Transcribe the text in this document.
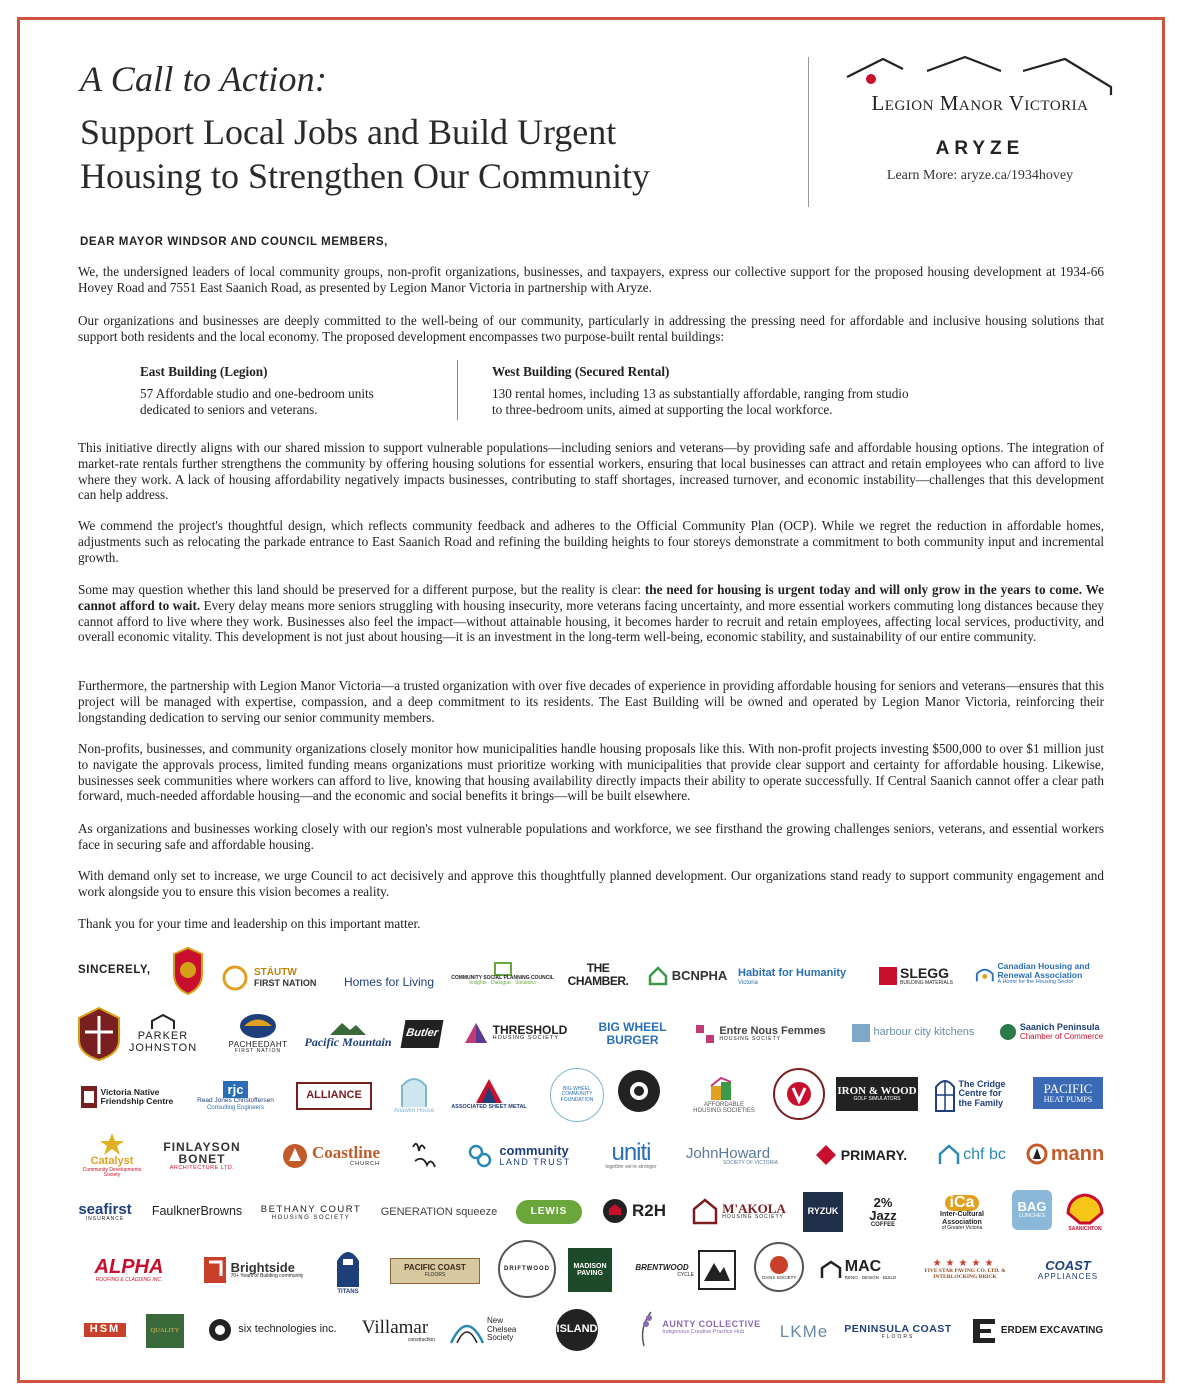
A Call to Action:
Support Local Jobs and Build Urgent
Housing to Strengthen Our Community
Legion Manor Victoria
ARYZE
Learn More: aryze.ca/1934hovey
DEAR MAYOR WINDSOR AND COUNCIL MEMBERS,
We, the undersigned leaders of local community groups, non-profit organizations, businesses, and taxpayers, express our collective support for the proposed housing development at 1934-66 Hovey Road and 7551 East Saanich Road, as presented by Legion Manor Victoria in partnership with Aryze.
Our organizations and businesses are deeply committed to the well-being of our community, particularly in addressing the pressing need for affordable and inclusive housing solutions that support both residents and the local economy. The proposed development encompasses two purpose-built rental buildings:
East Building (Legion)
57 Affordable studio and one-bedroom units
dedicated to seniors and veterans.
West Building (Secured Rental)
130 rental homes, including 13 as substantially affordable, ranging from studio
to three-bedroom units, aimed at supporting the local workforce.
This initiative directly aligns with our shared mission to support vulnerable populations—including seniors and veterans—by providing safe and affordable housing options. The integration of market-rate rentals further strengthens the community by offering housing solutions for essential workers, ensuring that local businesses can attract and retain employees who can afford to live where they work. A lack of housing affordability negatively impacts businesses, contributing to staff shortages, increased turnover, and economic instability—challenges that this development can help address.
We commend the project's thoughtful design, which reflects community feedback and adheres to the Official Community Plan (OCP). While we regret the reduction in affordable homes, adjustments such as relocating the parkade entrance to East Saanich Road and refining the building heights to four storeys demonstrate a commitment to both community input and incremental growth.
Some may question whether this land should be preserved for a different purpose, but the reality is clear: the need for housing is urgent today and will only grow in the years to come. We cannot afford to wait. Every delay means more seniors struggling with housing insecurity, more veterans facing uncertainty, and more essential workers commuting long distances because they cannot afford to live where they work. Businesses also feel the impact—without attainable housing, it becomes harder to recruit and retain employees, affecting local services, productivity, and overall economic vitality. This development is not just about housing—it is an investment in the long-term well-being, economic stability, and sustainability of our entire community.
Furthermore, the partnership with Legion Manor Victoria—a trusted organization with over five decades of experience in providing affordable housing for seniors and veterans—ensures that this project will be managed with expertise, compassion, and a deep commitment to its residents. The East Building will be owned and operated by Legion Manor Victoria, reinforcing their longstanding dedication to serving our senior community members.
Non-profits, businesses, and community organizations closely monitor how municipalities handle housing proposals like this. With non-profit projects investing $500,000 to over $1 million just to navigate the approvals process, limited funding means organizations must prioritize working with municipalities that provide clear support and certainty for affordable housing. Likewise, businesses seek communities where workers can afford to live, knowing that housing availability directly impacts their ability to operate successfully. If Central Saanich cannot offer a clear path forward, much-needed affordable housing—and the economic and social benefits it brings—will be built elsewhere.
As organizations and businesses working closely with our region's most vulnerable populations and workforce, we see firsthand the growing challenges seniors, veterans, and essential workers face in securing safe and affordable housing.
With demand only set to increase, we urge Council to act decisively and approve this thoughtfully planned development. Our organizations stand ready to support community engagement and work alongside you to ensure this vision becomes a reality.
Thank you for your time and leadership on this important matter.
SINCERELY,	STÁUTW
FIRST NATION Homes for Living	COMMUNITY SOCIAL PLANNING COUNCIL
Insights · Dialogue · Solutions
THE CHAMBER.	BCNPHA Habitat for Humanity
Victoria
SLEGG
BUILDING MATERIALS
Canadian Housing and Renewal Association
A Home for the Housing Sector
PARKER JOHNSTON	PACHEEDAHT
FIRST NATION
Pacific Mountain
Butler	THRESHOLD
HOUSING SOCIETY
BIG WHEEL BURGER
Entre Nous Femmes
HOUSING SOCIETY
harbour city kitchens	Saanich Peninsula
Chamber of Commerce
Victoria Native Friendship Centre
rjc
Read Jones Christoffersen
Consulting Engineers
ALLIANCE
Anawim House
ASSOCIATED SHEET METAL
BIG WHEEL COMMUNITY FOUNDATION
AFFORDABLE HOUSING SOCIETIES
IRON & WOOD
GOLF SIMULATORS
The Cridge Centre for the Family
PACIFIC
HEAT PUMPS
Catalyst
Community Developments Society
FINLAYSON BONET
ARCHITECTURE LTD.
Coastline
CHURCH
community
LAND TRUST uniti
together we're stronger
JohnHoward
SOCIETY OF VICTORIA
PRIMARY.	chf bc mann
seafirst
INSURANCE
FaulknerBrowns BETHANY COURT
HOUSING SOCIETY	GENERATION squeeze	LEWIS	R2H	M'AKOLA
HOUSING SOCIETY
RYZUK
2% Jazz
COFFEE
iCa
Inter-Cultural Association
of Greater Victoria
BAG
LUNCHES
SAANICHTON
ALPHA
ROOFING & CLADDING INC.
Brightside
70+ Years of Building community
TITANS
PACIFIC COAST
FLOORS
DRIFTWOOD	MADISON PAVING
BRENTWOOD
CYCLE	OASIS SOCIETY
MAC
RENO · DESIGN · BUILD
★★★★★
FIVE STAR PAVING CO. LTD. & INTERLOCKING BRICK
COAST
APPLIANCES
HSM	QUALITY	six technologies inc. Villamar
construction
New Chelsea Society
ISLAND	AUNTY COLLECTIVE
Indigenous Creative Practice Hub	LKMe PENINSULA COAST
FLOORS
ERDEM EXCAVATING
